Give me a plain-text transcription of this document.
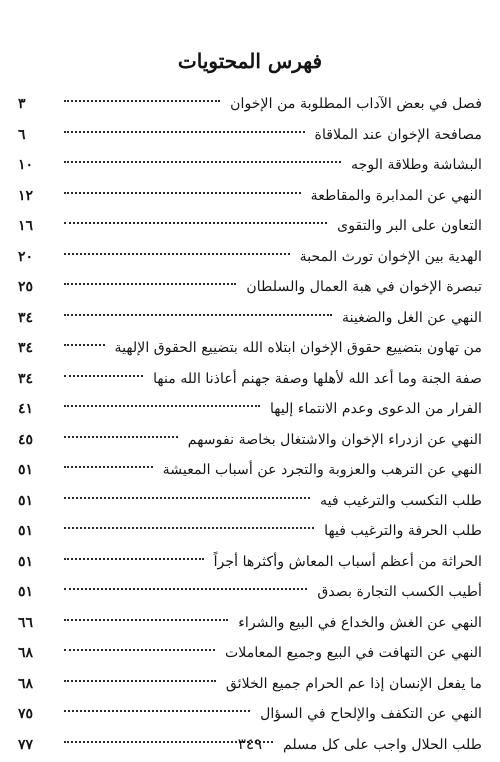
فهرس المحتويات
فصل في بعض الآداب المطلوبة من الإخوان
٣
مصافحة الإخوان عند الملاقاة
٦
البشاشة وطلاقة الوجه
١٠
النهي عن المدابرة والمقاطعة
١٢
التعاون على البر والتقوى
١٦
الهدية بين الإخوان تورث المحبة
٢٠
تبصرة الإخوان في هبة العمال والسلطان
٢٥
النهي عن الغل والضغينة
٣٤
من تهاون بتضييع حقوق الإخوان ابتلاه الله بتضييع الحقوق الإلهية
٣٤
صفة الجنة وما أعد الله لأهلها وصفة جهنم أعاذنا الله منها
٣٤
الفرار من الدعوى وعدم الانتماء إليها
٤١
النهي عن ازدراء الإخوان والاشتغال بخاصة نفوسهم
٤٥
النهي عن الترهب والعزوبة والتجرد عن أسباب المعيشة
٥١
طلب التكسب والترغيب فيه
٥١
طلب الحرفة والترغيب فيها
٥١
الحراثة من أعظم أسباب المعاش وأكثرها أجراً
٥١
أطيب الكسب التجارة بصدق
٥١
النهي عن الغش والخداع في البيع والشراء
٦٦
النهي عن التهافت في البيع وجميع المعاملات
٦٨
ما يفعل الإنسان إذا عم الحرام جميع الخلائق
٦٨
النهي عن التكفف والإلحاح في السؤال
٧٥
طلب الحلال واجب على كل مسلم
٧٧	٣٤٩
